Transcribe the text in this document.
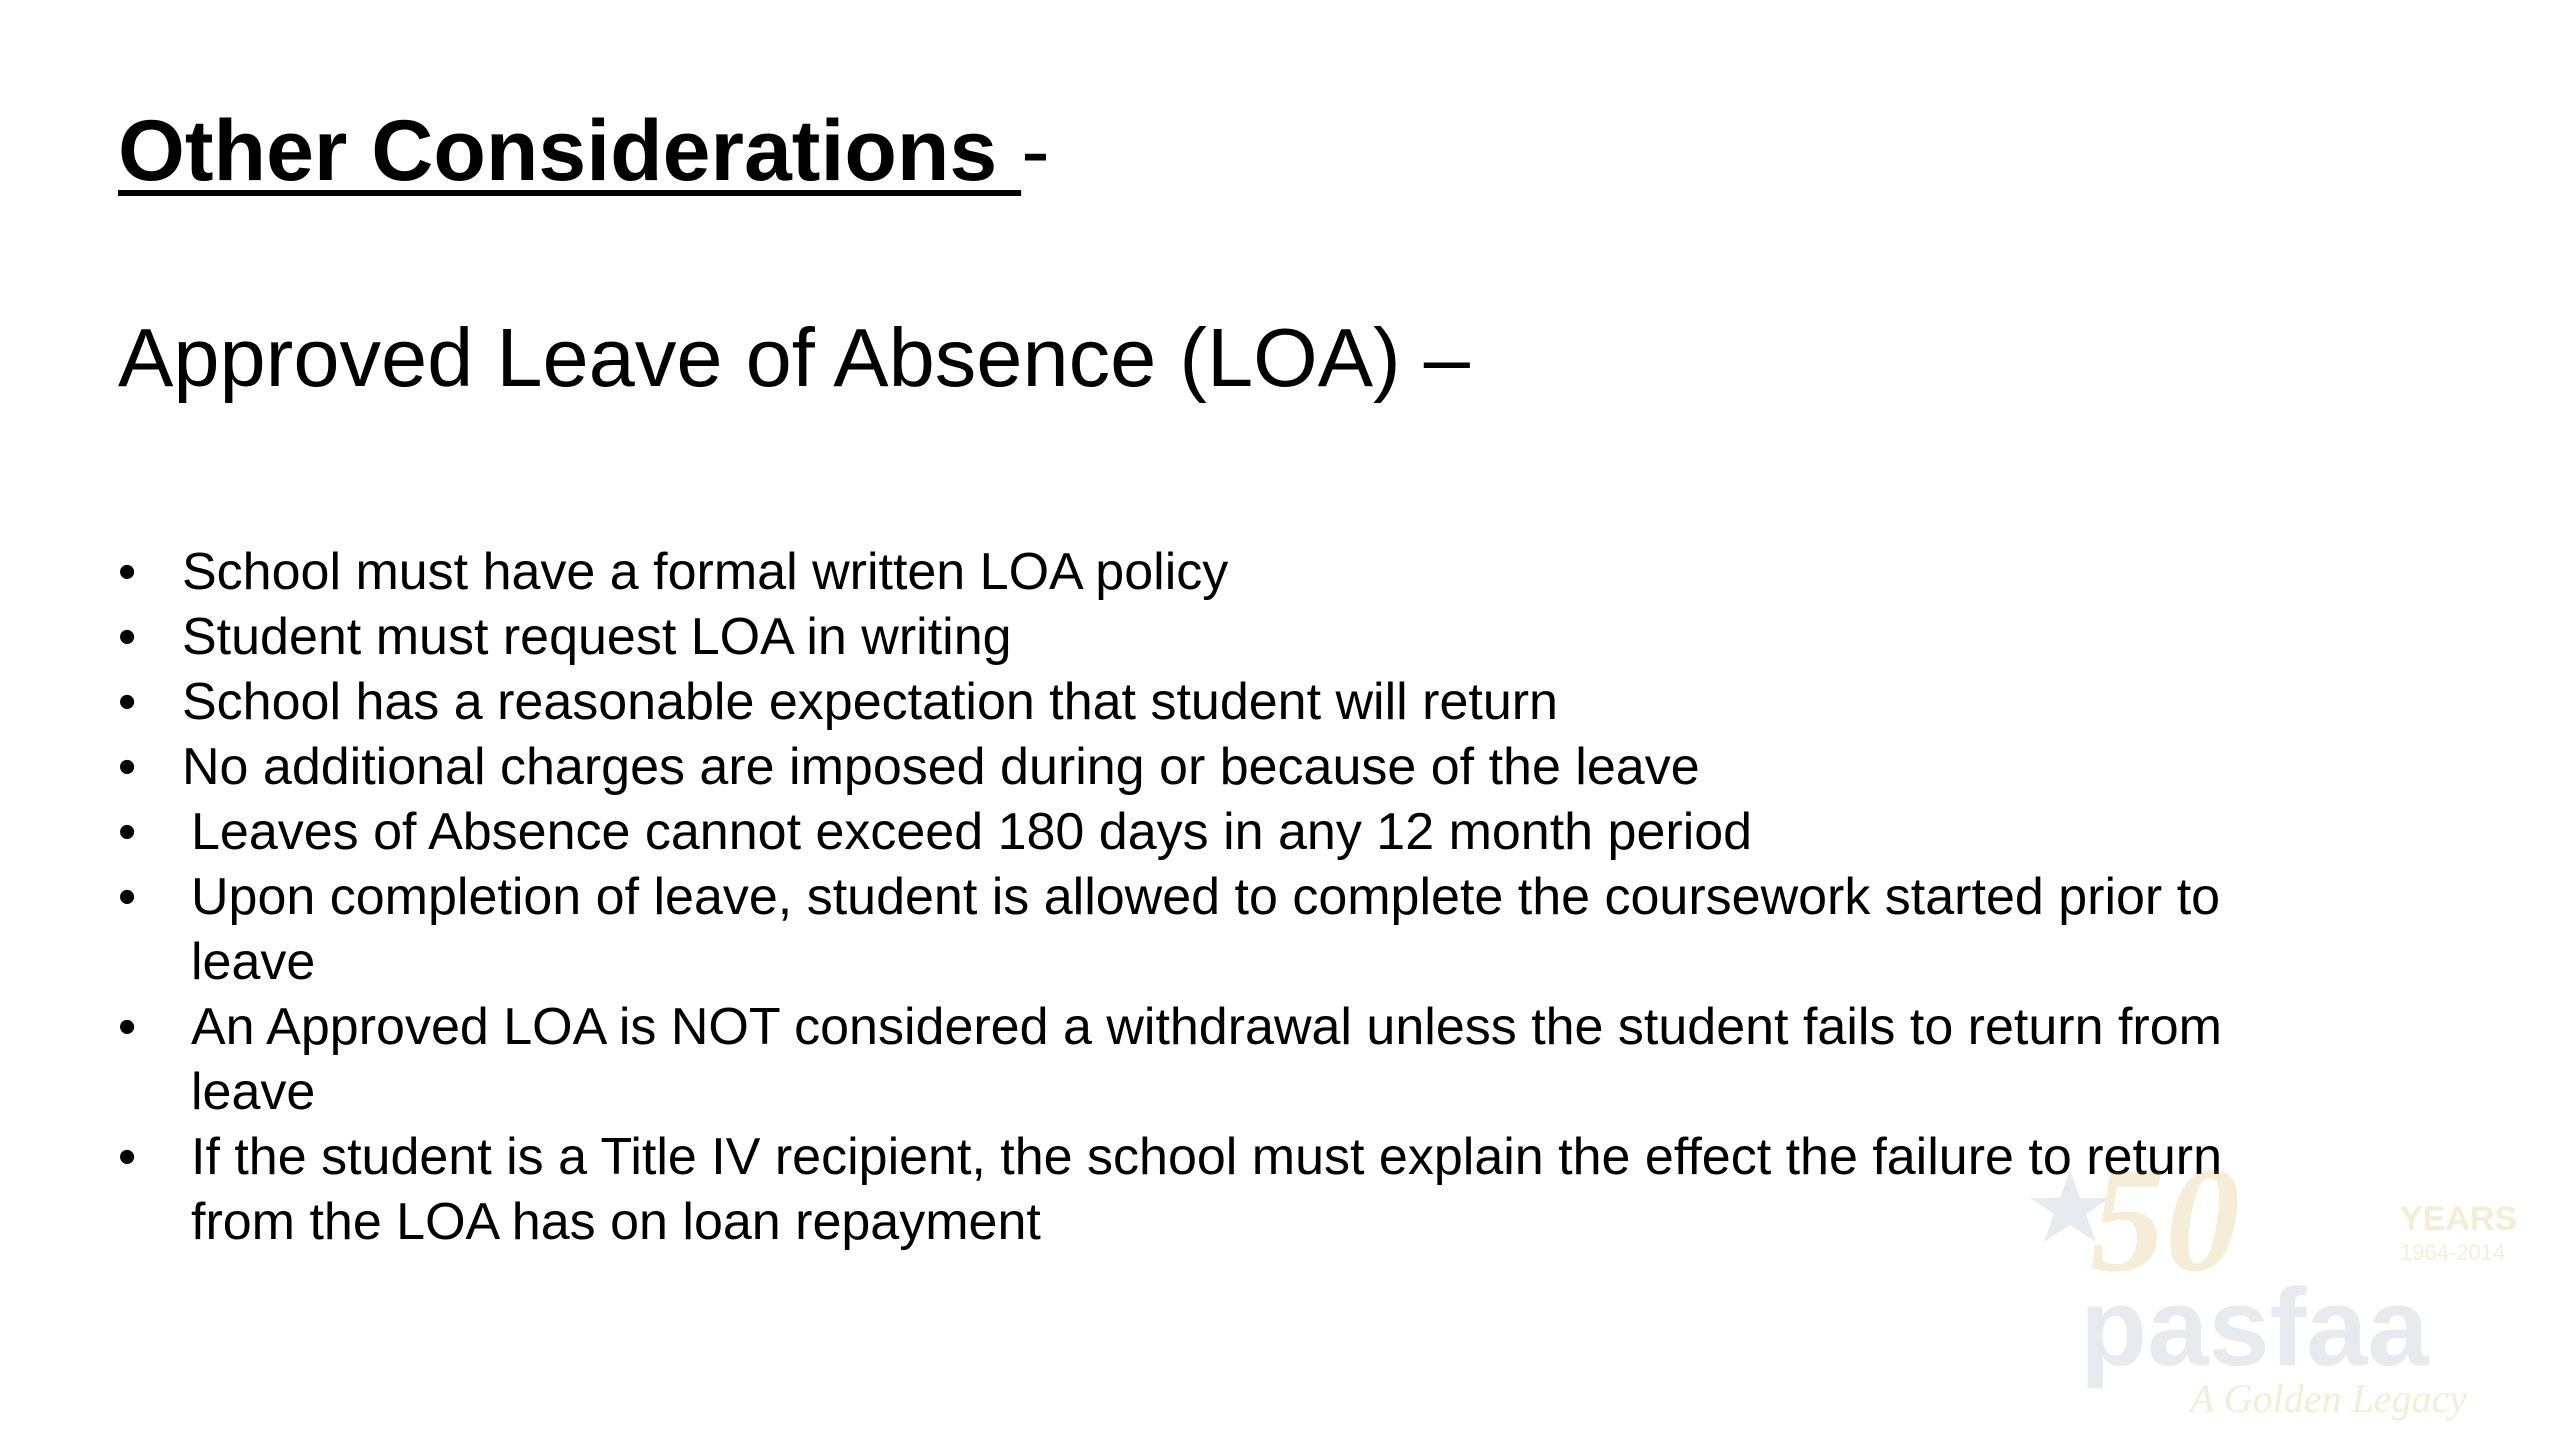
Other Considerations -
Approved Leave of Absence (LOA) –
• School must have a formal written LOA policy
• Student must request LOA in writing
• School has a reasonable expectation that student will return
• No additional charges are imposed during or because of the leave
• Leaves of Absence cannot exceed 180 days in any 12 month period
• Upon completion of leave, student is allowed to complete the coursework started prior to leave
• An Approved LOA is NOT considered a withdrawal unless the student fails to return from leave
• If the student is a Title IV recipient, the school must explain the effect the failure to return from the LOA has on loan repayment	50	YEARS
1964-2014
pasfaa
A Golden Legacy
